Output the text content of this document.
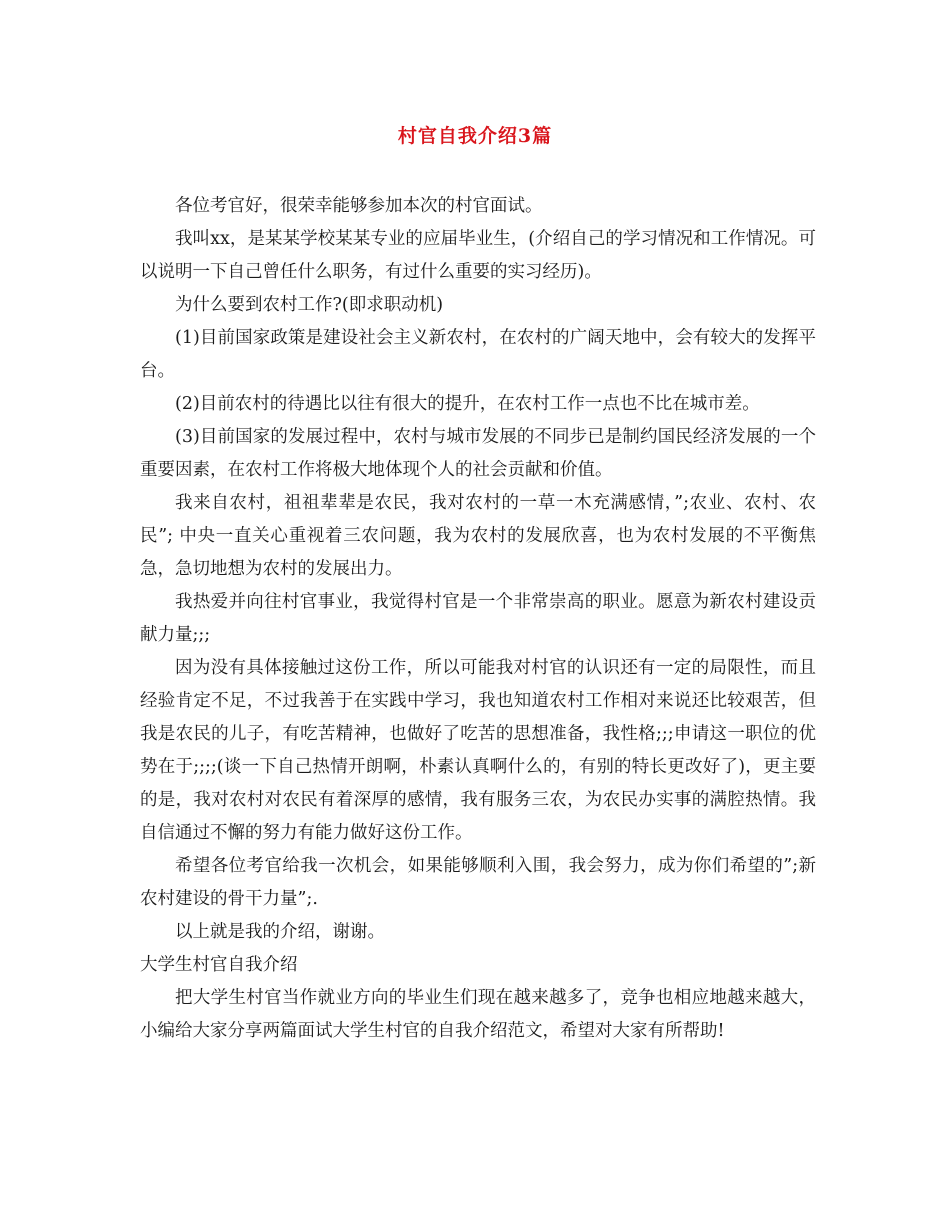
村官自我介绍3篇

各位考官好，很荣幸能够参加本次的村官面试。

我叫xx，是某某学校某某专业的应届毕业生，(介绍自己的学习情况和工作情况。可以说明一下自己曾任什么职务，有过什么重要的实习经历)。

为什么要到农村工作?(即求职动机)

(1)目前国家政策是建设社会主义新农村，在农村的广阔天地中，会有较大的发挥平台。

(2)目前农村的待遇比以往有很大的提升，在农村工作一点也不比在城市差。

(3)目前国家的发展过程中，农村与城市发展的不同步已是制约国民经济发展的一个 重要因素，在农村工作将极大地体现个人的社会贡献和价值。

我来自农村，祖祖辈辈是农民，我对农村的一草一木充满感情，”;农业、农村、农民”; 中央一直关心重视着三农问题，我为农村的发展欣喜，也为农村发展的不平衡焦急，急切地想为农村的发展出力。

我热爱并向往村官事业，我觉得村官是一个非常崇高的职业。愿意为新农村建设贡献力量;;;

因为没有具体接触过这份工作，所以可能我对村官的认识还有一定的局限性，而且经验肯定不足，不过我善于在实践中学习，我也知道农村工作相对来说还比较艰苦，但我是农民的儿子，有吃苦精神，也做好了吃苦的思想准备，我性格;;;申请这一职位的优势在于;;;;(谈一下自己热情开朗啊，朴素认真啊什么的，有别的特长更改好了)，更主要的是，我对农村对农民有着深厚的感情，我有服务三农，为农民办实事的满腔热情。我自信通过不懈的努力有能力做好这份工作。

希望各位考官给我一次机会，如果能够顺利入围，我会努力，成为你们希望的”;新农村建设的骨干力量”;.

以上就是我的介绍，谢谢。

大学生村官自我介绍

把大学生村官当作就业方向的毕业生们现在越来越多了，竞争也相应地越来越大，小编给大家分享两篇面试大学生村官的自我介绍范文，希望对大家有所帮助!
